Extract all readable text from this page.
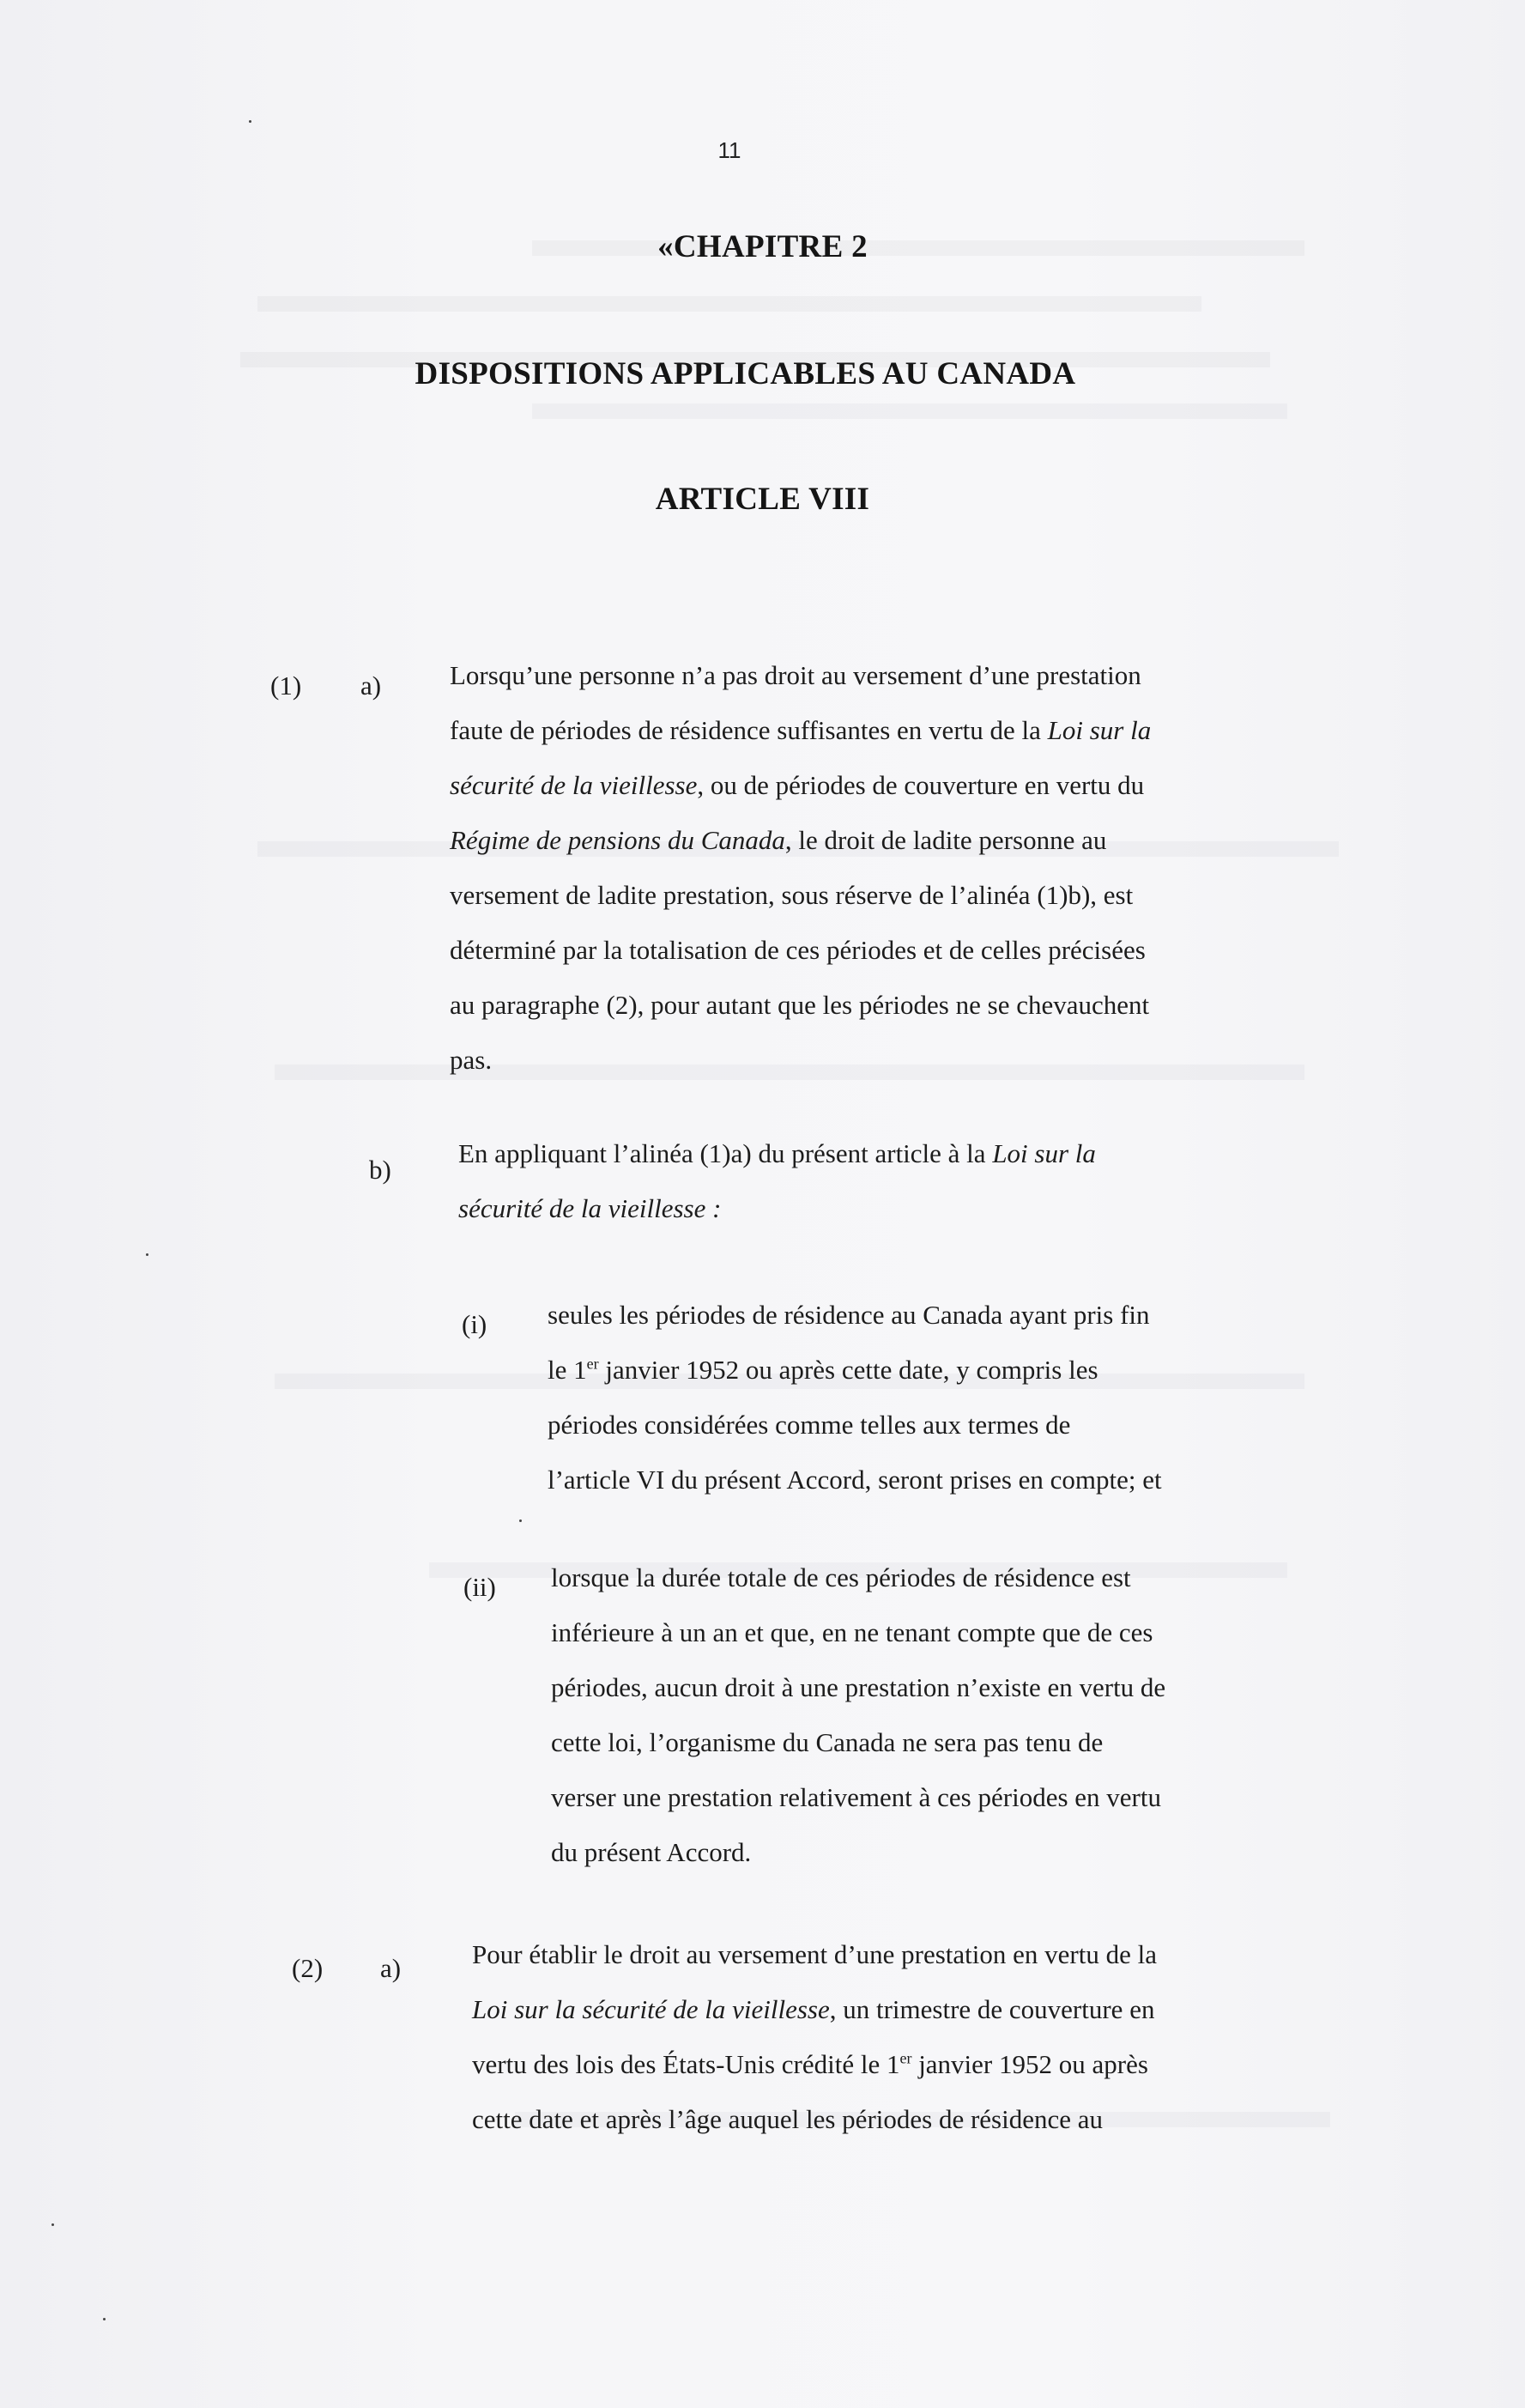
11
«CHAPITRE 2
DISPOSITIONS APPLICABLES AU CANADA
ARTICLE VIII
(1) a)	Lorsqu’une personne n’a pas droit au versement d’une prestation
faute de périodes de résidence suffisantes en vertu de la Loi sur la
sécurité de la vieillesse, ou de périodes de couverture en vertu du
Régime de pensions du Canada, le droit de ladite personne au
versement de ladite prestation, sous réserve de l’alinéa (1)b), est
déterminé par la totalisation de ces périodes et de celles précisées
au paragraphe (2), pour autant que les périodes ne se chevauchent
pas.
b)
En appliquant l’alinéa (1)a) du présent article à la Loi sur la
sécurité de la vieillesse :
(i) seules les périodes de résidence au Canada ayant pris fin
le 1er janvier 1952 ou après cette date, y compris les
périodes considérées comme telles aux termes de
l’article VI du présent Accord, seront prises en compte; et
(ii) lorsque la durée totale de ces périodes de résidence est
inférieure à un an et que, en ne tenant compte que de ces
périodes, aucun droit à une prestation n’existe en vertu de
cette loi, l’organisme du Canada ne sera pas tenu de
verser une prestation relativement à ces périodes en vertu
du présent Accord.
(2) a)	Pour établir le droit au versement d’une prestation en vertu de la
Loi sur la sécurité de la vieillesse, un trimestre de couverture en
vertu des lois des États-Unis crédité le 1er janvier 1952 ou après
cette date et après l’âge auquel les périodes de résidence au
